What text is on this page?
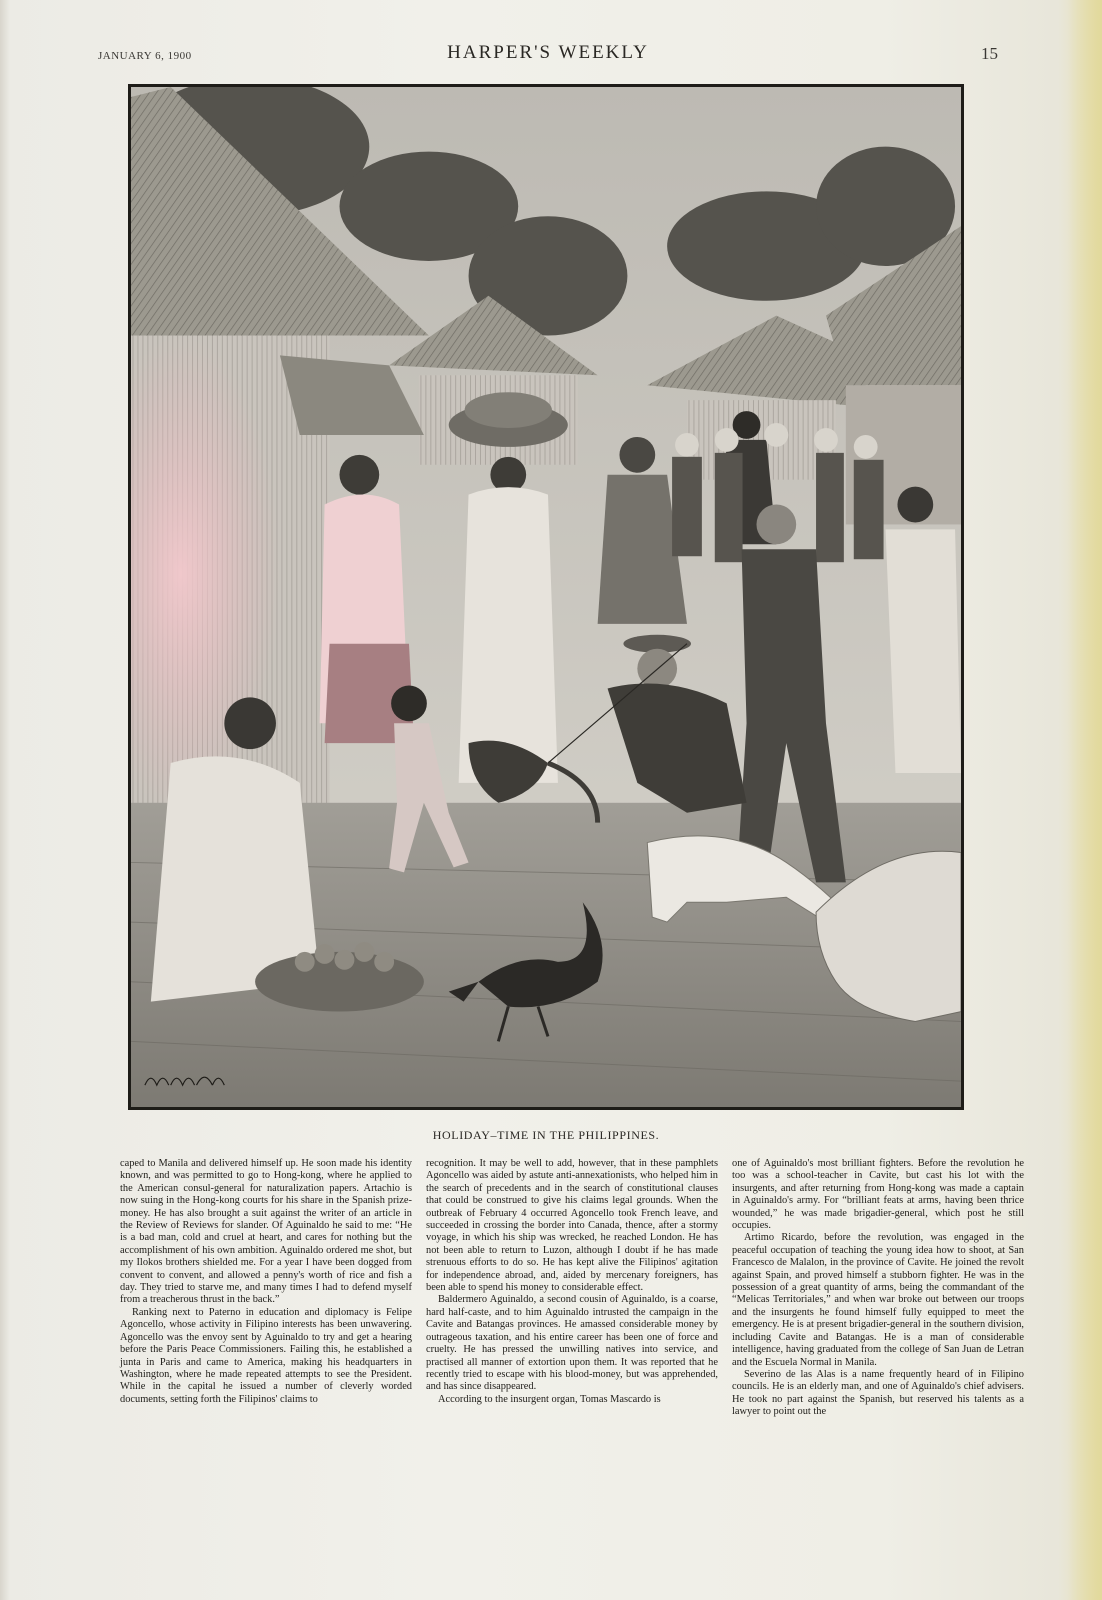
JANUARY 6, 1900	HARPER'S WEEKLY	15
HOLIDAY–TIME IN THE PHILIPPINES.

caped to Manila and delivered himself up. He soon made his identity known, and was permitted to go to Hong-kong, where he applied to the American consul-general for naturalization papers. Artachio is now suing in the Hong-kong courts for his share in the Spanish prize-money. He has also brought a suit against the writer of an article in the Review of Reviews for slander. Of Aguinaldo he said to me: “He is a bad man, cold and cruel at heart, and cares for nothing but the accomplishment of his own ambition. Aguinaldo ordered me shot, but my Ilokos brothers shielded me. For a year I have been dogged from convent to convent, and allowed a penny's worth of rice and fish a day. They tried to starve me, and many times I had to defend myself from a treacherous thrust in the back.”

Ranking next to Paterno in education and diplomacy is Felipe Agoncello, whose activity in Filipino interests has been unwavering. Agoncello was the envoy sent by Aguinaldo to try and get a hearing before the Paris Peace Commissioners. Failing this, he established a junta in Paris and came to America, making his headquarters in Washington, where he made repeated attempts to see the President. While in the capital he issued a number of cleverly worded documents, setting forth the Filipinos' claims to

recognition. It may be well to add, however, that in these pamphlets Agoncello was aided by astute anti-annexationists, who helped him in the search of precedents and in the search of constitutional clauses that could be construed to give his claims legal grounds. When the outbreak of February 4 occurred Agoncello took French leave, and succeeded in crossing the border into Canada, thence, after a stormy voyage, in which his ship was wrecked, he reached London. He has not been able to return to Luzon, although I doubt if he has made strenuous efforts to do so. He has kept alive the Filipinos' agitation for independence abroad, and, aided by mercenary foreigners, has been able to spend his money to considerable effect.

Baldermero Aguinaldo, a second cousin of Aguinaldo, is a coarse, hard half-caste, and to him Aguinaldo intrusted the campaign in the Cavite and Batangas provinces. He amassed considerable money by outrageous taxation, and his entire career has been one of force and cruelty. He has pressed the unwilling natives into service, and practised all manner of extortion upon them. It was reported that he recently tried to escape with his blood-money, but was apprehended, and has since disappeared.

According to the insurgent organ, Tomas Mascardo is

one of Aguinaldo's most brilliant fighters. Before the revolution he too was a school-teacher in Cavite, but cast his lot with the insurgents, and after returning from Hong-kong was made a captain in Aguinaldo's army. For “brilliant feats at arms, having been thrice wounded,” he was made brigadier-general, which post he still occupies.

Artimo Ricardo, before the revolution, was engaged in the peaceful occupation of teaching the young idea how to shoot, at San Francesco de Malalon, in the province of Cavite. He joined the revolt against Spain, and proved himself a stubborn fighter. He was in the possession of a great quantity of arms, being the commandant of the “Melicas Territoriales,” and when war broke out between our troops and the insurgents he found himself fully equipped to meet the emergency. He is at present brigadier-general in the southern division, including Cavite and Batangas. He is a man of considerable intelligence, having graduated from the college of San Juan de Letran and the Escuela Normal in Manila.

Severino de las Alas is a name frequently heard of in Filipino councils. He is an elderly man, and one of Aguinaldo's chief advisers. He took no part against the Spanish, but reserved his talents as a lawyer to point out the
